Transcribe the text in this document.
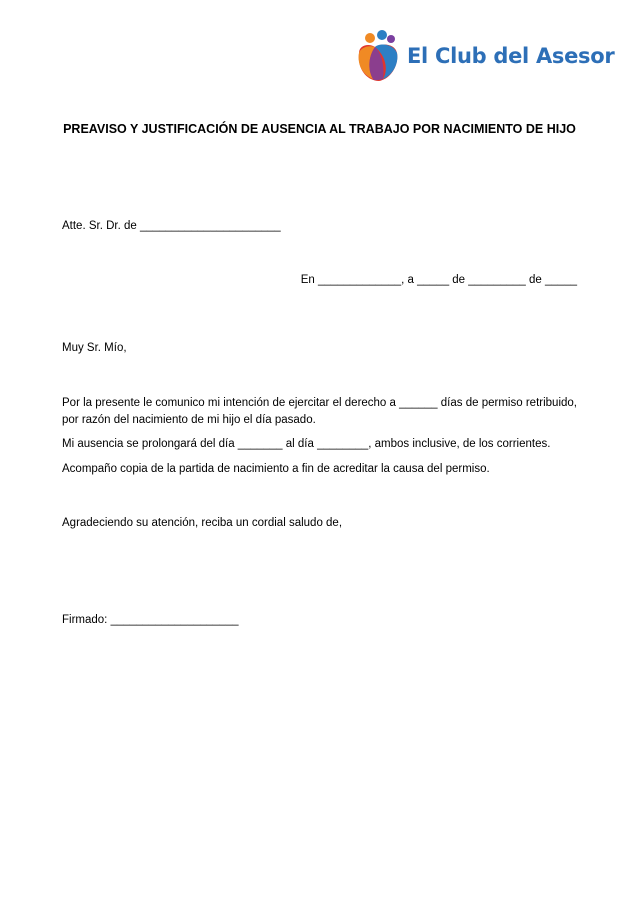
El Club del Asesor
PREAVISO Y JUSTIFICACIÓN DE AUSENCIA AL TRABAJO POR NACIMIENTO DE HIJO
Atte. Sr. Dr. de ______________________
En _____________, a _____ de _________ de _____
Muy Sr. Mío,
Por la presente le comunico mi intención de ejercitar el derecho a ______ días de permiso retribuido, por razón del nacimiento de mi hijo el día pasado.
Mi ausencia se prolongará del día _______ al día ________, ambos inclusive, de los corrientes.
Acompaño copia de la partida de nacimiento a fin de acreditar la causa del permiso.
Agradeciendo su atención, reciba un cordial saludo de,
Firmado: ____________________
